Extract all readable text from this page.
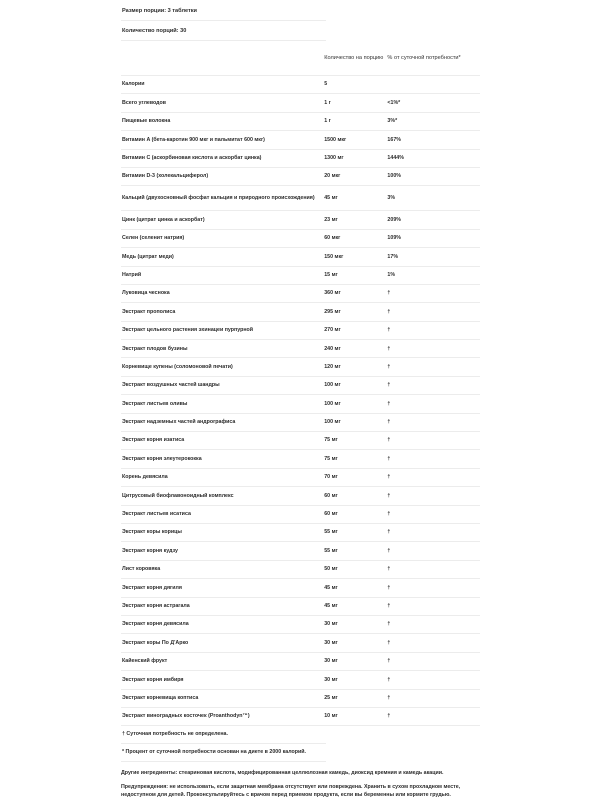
Размер порции: 3 таблетки
Количество порций: 30
	Количество на порцию	% от суточной потребности*
Калории	5	
Всего углеводов	1 г	<1%*
Пищевые волокна	1 г	3%*
Витамин A (бета-каротин 900 мкг и пальмитат 600 мкг)	1500 мкг	167%
Витамин C (аскорбиновая кислота и аскорбат цинка)	1300 мг	1444%
Витамин D-3 (холекальциферол)	20 мкг	100%
Кальций (двухосновный фосфат кальция и природного происхождения)	45 мг	3%
Цинк (цитрат цинка и аскорбат)	23 мг	209%
Селен (селенит натрия)	60 мкг	109%
Медь (цитрат меди)	150 мкг	17%
Натрий	15 мг	1%
Луковица чеснока	360 мг	†
Экстракт прополиса	295 мг	†
Экстракт цельного растения эхинацеи пурпурной	270 мг	†
Экстракт плодов бузины	240 мг	†
Корневище купены (соломоновой печати)	120 мг	†
Экстракт воздушных частей шандры	100 мг	†
Экстракт листьев оливы	100 мг	†
Экстракт надземных частей андрографиса	100 мг	†
Экстракт корня изатиса	75 мг	†
Экстракт корня элеутерококка	75 мг	†
Корень девясила	70 мг	†
Цитрусовый биофлавоноидный комплекс	60 мг	†
Экстракт листьев исатиса	60 мг	†
Экстракт коры корицы	55 мг	†
Экстракт корня кудзу	55 мг	†
Лист коровяка	50 мг	†
Экстракт корня дягиля	45 мг	†
Экстракт корня астрагала	45 мг	†
Экстракт корня девясила	30 мг	†
Экстракт коры По Д'Арко	30 мг	†
Кайенский фрукт	30 мг	†
Экстракт корня имбиря	30 мг	†
Экстракт корневища коптиса	25 мг	†
Экстракт виноградных косточек (Proanthodyn™)	10 мг	†
† Суточная потребность не определена.
* Процент от суточной потребности основан на диете в 2000 калорий.

Другие ингредиенты: стеариновая кислота, модифицированная целлюлозная камедь, диоксид кремния и камедь акации.

Предупреждения: не использовать, если защитная мембрана отсутствует или повреждена. Хранить в сухом прохладном месте, недоступном для детей. Проконсультируйтесь с врачом перед приемом продукта, если вы беременны или кормите грудью.
